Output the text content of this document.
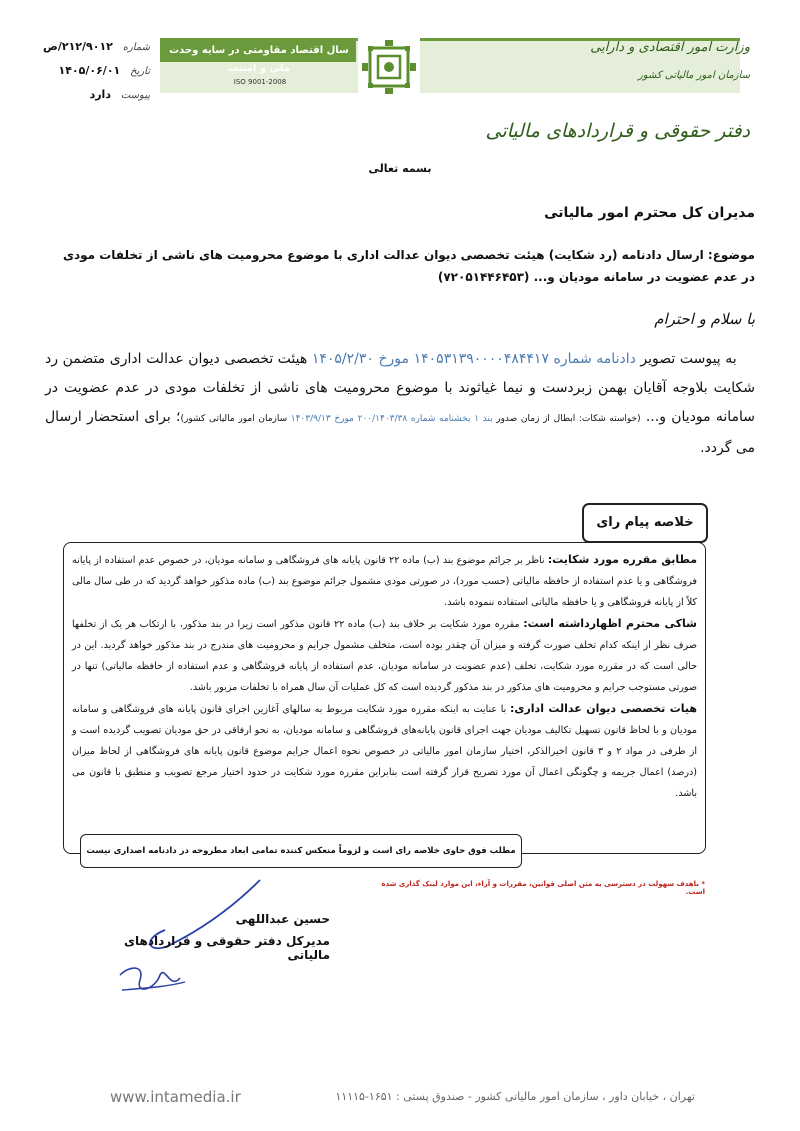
سال اقتصاد مقاومتی در سایه وحدت ملی و امنیت
ISO 9001-2008
وزارت امور اقتصادی و دارایی
سازمان امور مالیاتی کشور
دفتر حقوقی و قراردادهای مالیاتی
شماره ۲۱۲/۹۰۱۲/ص
تاریخ ۱۴۰۵/۰۶/۰۱
پیوست دارد
بسمه تعالی
مدیران کل محترم امور مالیاتی
موضوع: ارسال دادنامه (رد شکایت) هیئت تخصصی دیوان عدالت اداری با موضوع محرومیت های ناشی از تخلفات مودی در عدم عضویت در سامانه مودیان و... (۷۲۰۵۱۴۴۶۴۵۳)
با سلام و احترام
به پیوست تصویر دادنامه شماره ۱۴۰۵۳۱۳۹۰۰۰۰۴۸۴۴۱۷ مورخ ۱۴۰۵/۲/۳۰ هیئت تخصصی دیوان عدالت اداری متضمن رد شکایت بلاوجه آقایان بهمن زبردست و نیما غیاثوند با موضوع محرومیت های ناشی از تخلفات مودی در عدم عضویت در سامانه مودیان و... (خواسته شکات: ابطال از زمان صدور بند ۱ بخشنامه شماره ۲۰۰/۱۴۰۳/۳۸ مورخ ۱۴۰۳/۹/۱۳ سازمان امور مالیاتی کشور)؛ برای استحضار ارسال می گردد.
خلاصه پیام رای
مطابق مقرره مورد شکایت: ناظر بر جرائم موضوع بند (ب) ماده ۲۲ قانون پایانه های فروشگاهی و سامانه مودیان، در خصوص عدم استفاده از پایانه فروشگاهی و یا عدم استفاده از حافظه مالیاتی (حسب مورد)، در صورتی مودی مشمول جرائم موضوع بند (ب) ماده مذکور خواهد گردید که در طی سال مالی کلاً از پایانه فروشگاهی و یا حافظه مالیاتی استفاده ننموده باشد.
شاکی محترم اظهارداشته است: مقرره مورد شکایت بر خلاف بند (ب) ماده ۲۲ قانون مذکور است زیرا در بند مذکور، با ارتکاب هر یک از تخلفها صرف نظر از اینکه کدام تخلف صورت گرفته و میزان آن چقدر بوده است، متخلف مشمول جرایم و محرومیت های مندرج در بند مذکور خواهد گردید. این در حالی است که در مقرره مورد شکایت، تخلف (عدم عضویت در سامانه مودیان، عدم استفاده از پایانه فروشگاهی و عدم استفاده از حافظه مالیاتی) تنها در صورتی مستوجب جرایم و محرومیت های مذکور در بند مذکور گردیده است که کل عملیات آن سال همراه با تخلفات مزبور باشد.
هیات تخصصی دیوان عدالت اداری: با عنایت به اینکه مقرره مورد شکایت مربوط به سالهای آغازین اجرای قانون پایانه های فروشگاهی و سامانه مودیان و با لحاظ قانون تسهیل تکالیف مودیان جهت اجرای قانون پایانه‌های فروشگاهی و سامانه مودیان، به نحو ارفاقی در حق مودیان تصویب گردیده است و از طرفی در مواد ۲ و ۳ قانون اخیرالذکر، اختیار سازمان امور مالیاتی در خصوص نحوه اعمال جرایم موضوع قانون پایانه های فروشگاهی از لحاظ میزان (درصد) اعمال جریمه و چگونگی اعمال آن مورد تصریح قرار گرفته است بنابراین مقرره مورد شکایت در حدود اختیار مرجع تصویب و منطبق با قانون می باشد.
مطلب فوق حاوی خلاصه رای است و لزوماً منعکس کننده تمامی ابعاد مطروحه در دادنامه اصداری نیست
* باهدف سهولت در دسترسی به متن اصلی قوانین، مقررات و آراء، این موارد لینک گذاری شده است.
حسین عبداللهی
مدیرکل دفتر حقوقی و قراردادهای مالیاتی
www.intamedia.ir	تهران ، خیابان داور ، سازمان امور مالیاتی کشور - صندوق پستی : ۱۶۵۱-۱۱۱۱۵
